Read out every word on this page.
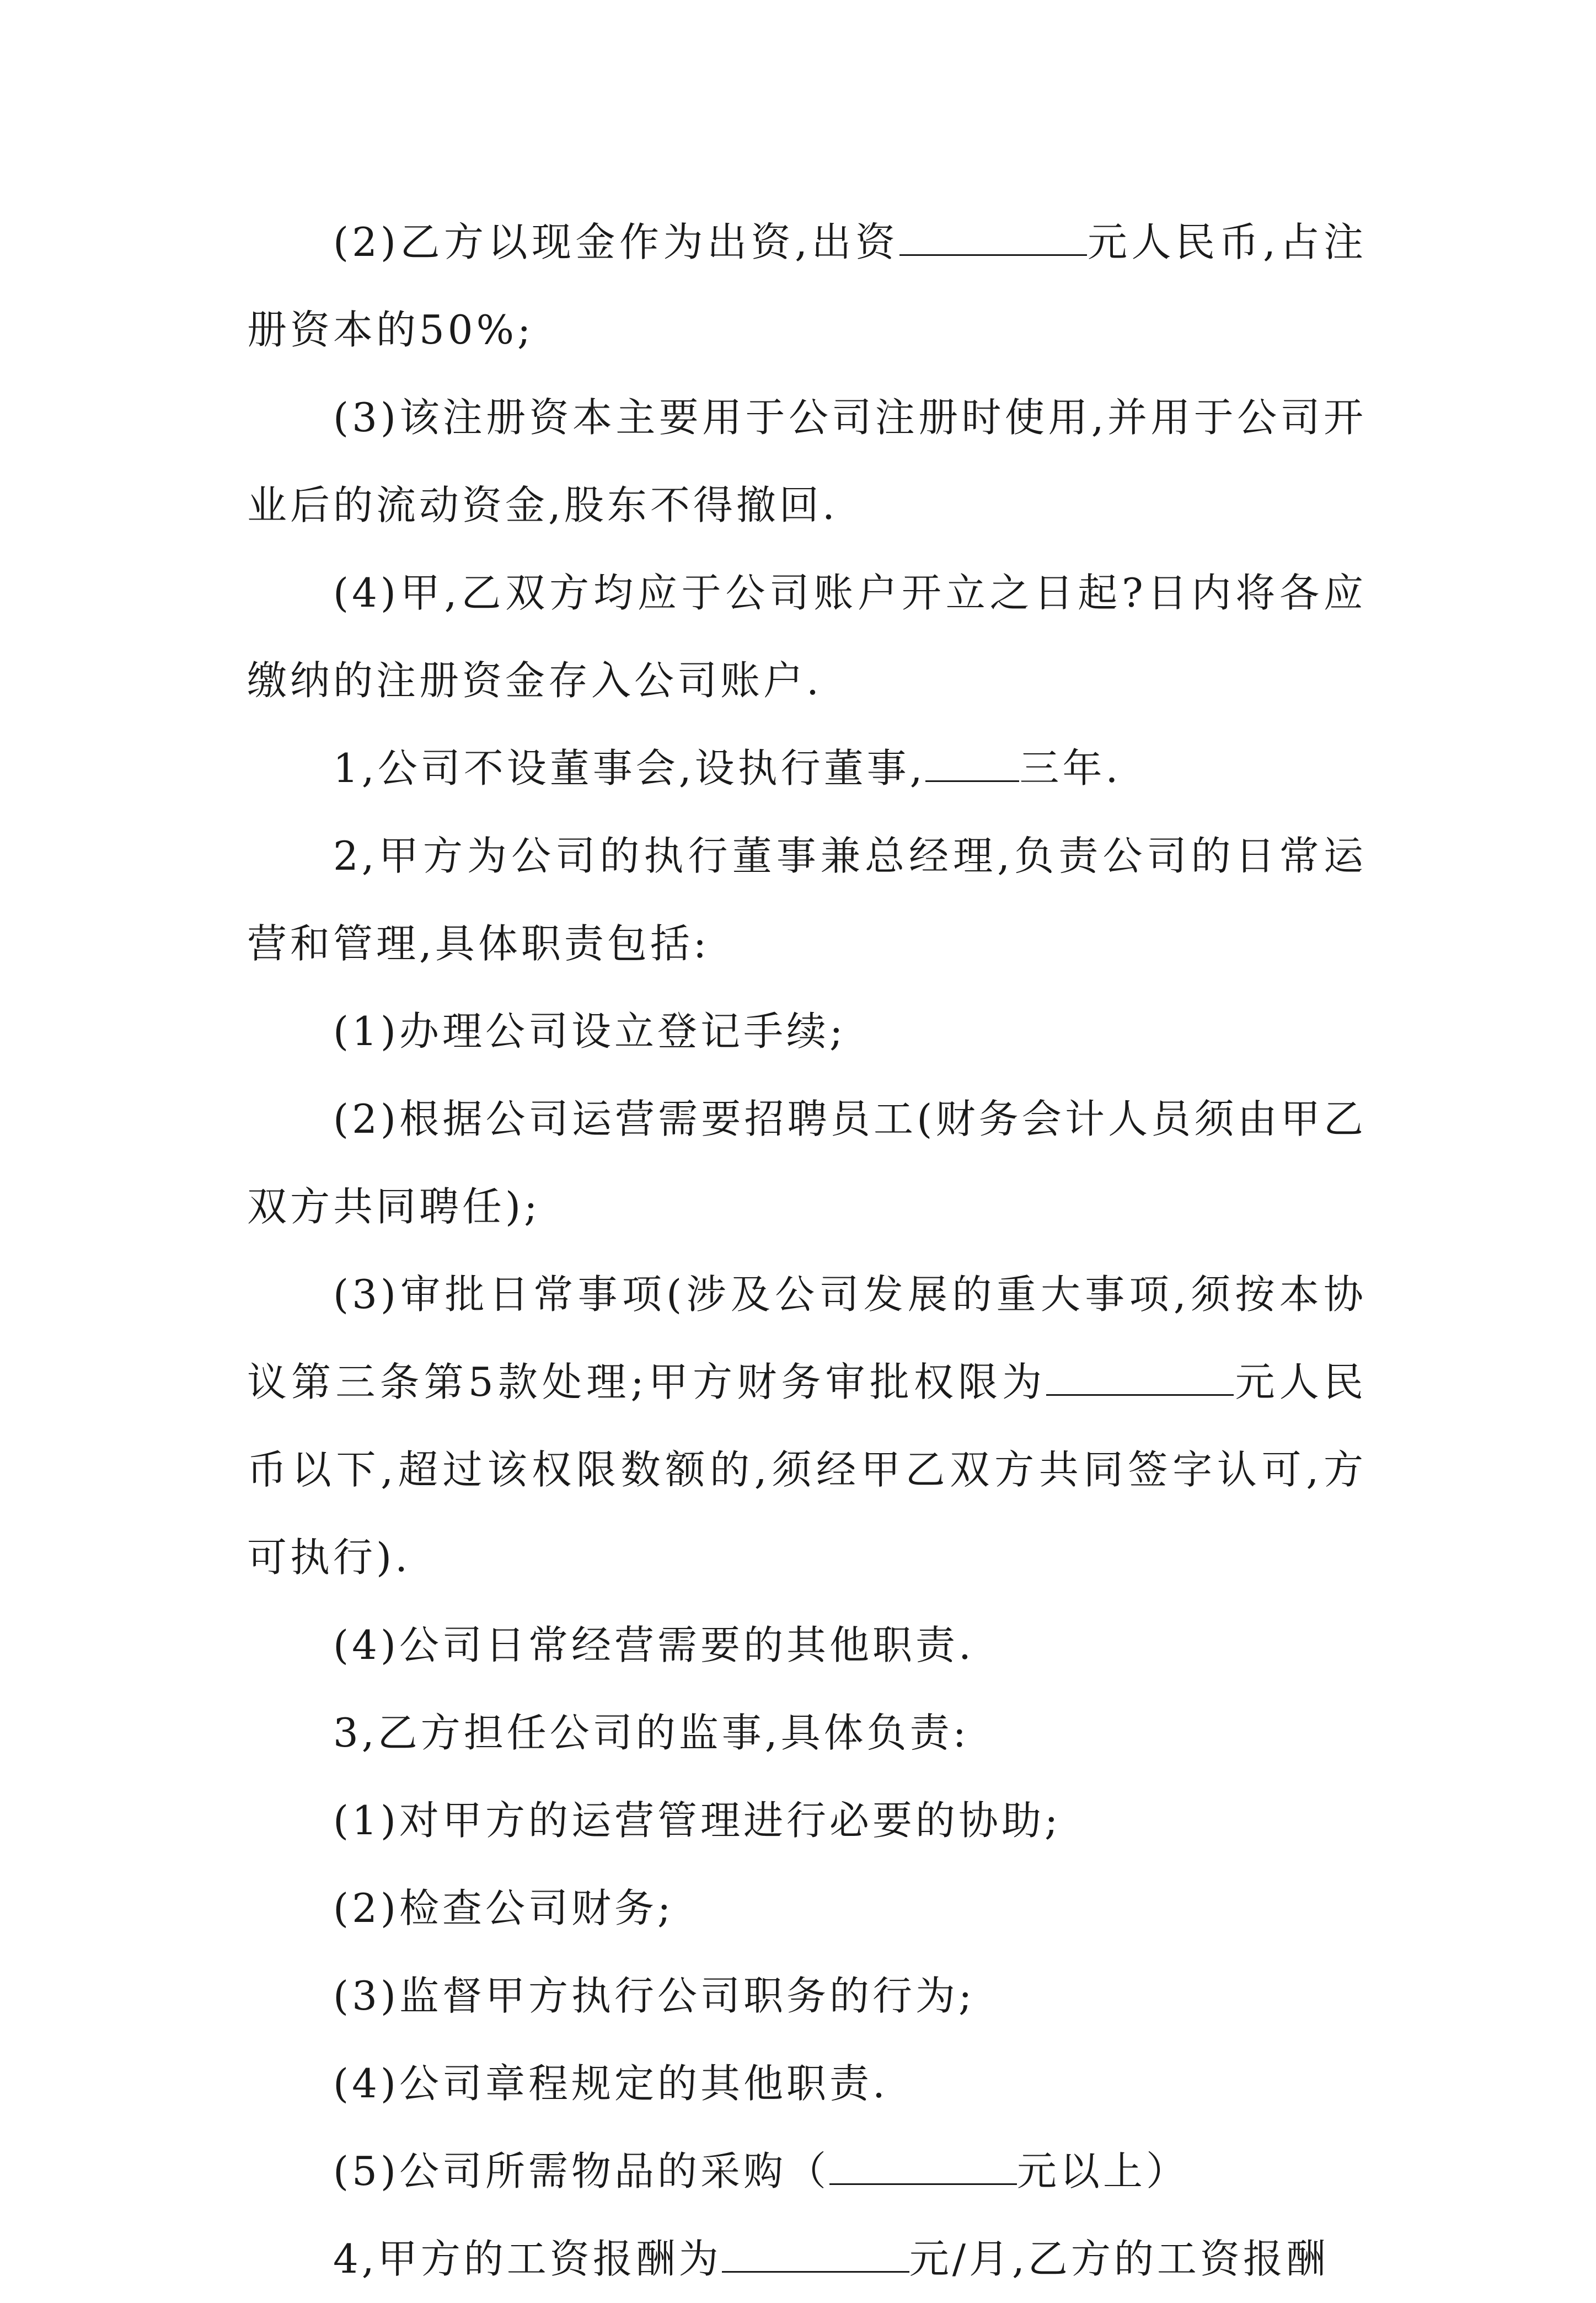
(2)乙方以现金作为出资,出资	元人民币,占注册资本的50%;

(3)该注册资本主要用于公司注册时使用,并用于公司开业后的流动资金,股东不得撤回.

(4)甲,乙双方均应于公司账户开立之日起?日内将各应缴纳的注册资金存入公司账户.

1,公司不设董事会,设执行董事, 三年.

2,甲方为公司的执行董事兼总经理,负责公司的日常运营和管理,具体职责包括:

(1)办理公司设立登记手续;

(2)根据公司运营需要招聘员工(财务会计人员须由甲乙双方共同聘任);

(3)审批日常事项(涉及公司发展的重大事项,须按本协议第三条第5款处理;甲方财务审批权限为	元人民币以下,超过该权限数额的,须经甲乙双方共同签字认可,方可执行).

(4)公司日常经营需要的其他职责.

3,乙方担任公司的监事,具体负责:

(1)对甲方的运营管理进行必要的协助;

(2)检查公司财务;

(3)监督甲方执行公司职务的行为;

(4)公司章程规定的其他职责.

(5)公司所需物品的采购（	元以上）

4,甲方的工资报酬为	元/月,乙方的工资报酬
